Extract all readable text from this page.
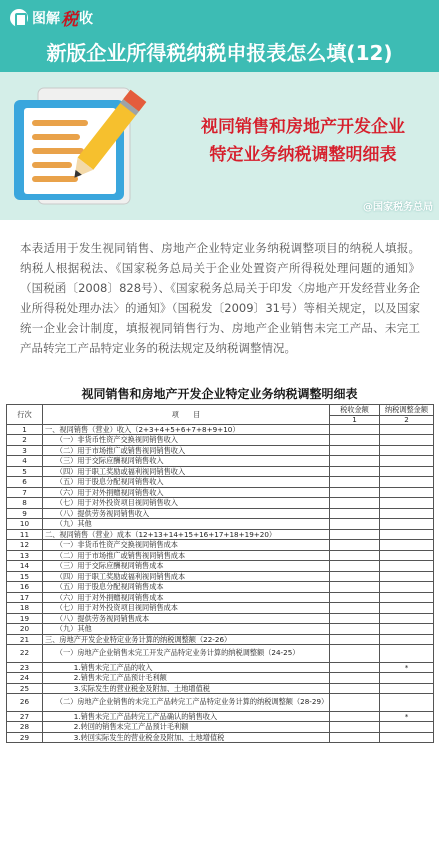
图解 税 收
新版企业所得税纳税申报表怎么填(12)
视同销售和房地产开发企业
特定业务纳税调整明细表
@国家税务总局

本表适用于发生视同销售、房地产企业特定业务纳税调整项目的纳税人填报。纳税人根据税法、《国家税务总局关于企业处置资产所得税处理问题的通知》（国税函〔2008〕828号）、《国家税务总局关于印发〈房地产开发经营业务企业所得税处理办法〉的通知》（国税发〔2009〕31号）等相关规定，以及国家统一企业会计制度，填报视同销售行为、房地产企业销售未完工产品、未完工产品转完工产品特定业务的税法规定及纳税调整情况。

视同销售和房地产开发企业特定业务纳税调整明细表
行次	项　　目	税收金额	纳税调整金额
		1	2
1	一、视同销售（营业）收入（2+3+4+5+6+7+8+9+10）		
2	　　（一）非货币性资产交换视同销售收入		
3	　　（二）用于市场推广或销售视同销售收入		
4	　　（三）用于交际应酬视同销售收入		
5	　　（四）用于职工奖励或福利视同销售收入		
6	　　（五）用于股息分配视同销售收入		
7	　　（六）用于对外捐赠视同销售收入		
8	　　（七）用于对外投资项目视同销售收入		
9	　　（八）提供劳务视同销售收入		
10	　　（九）其他		
11	二、视同销售（营业）成本（12+13+14+15+16+17+18+19+20）		
12	　　（一）非货币性资产交换视同销售成本		
13	　　（二）用于市场推广或销售视同销售成本		
14	　　（三）用于交际应酬视同销售成本		
15	　　（四）用于职工奖励或福利视同销售成本		
16	　　（五）用于股息分配视同销售成本		
17	　　（六）用于对外捐赠视同销售成本		
18	　　（七）用于对外投资项目视同销售成本		
19	　　（八）提供劳务视同销售成本		
20	　　（九）其他		
21	三、房地产开发企业特定业务计算的纳税调整额（22-26）		
22	　　（一）房地产企业销售未完工开发产品特定业务计算的纳税调整额（24-25）		
23	　　　　1.销售未完工产品的收入		*
24	　　　　2.销售未完工产品预计毛利额		
25	　　　　3.实际发生的营业税金及附加、土地增值税		
26	　　（二）房地产企业销售的未完工产品转完工产品特定业务计算的纳税调整额（28-29）		
27	　　　　1.销售未完工产品转完工产品确认的销售收入		*
28	　　　　2.转回的销售未完工产品预计毛利额		
29	　　　　3.转回实际发生的营业税金及附加、土地增值税		
